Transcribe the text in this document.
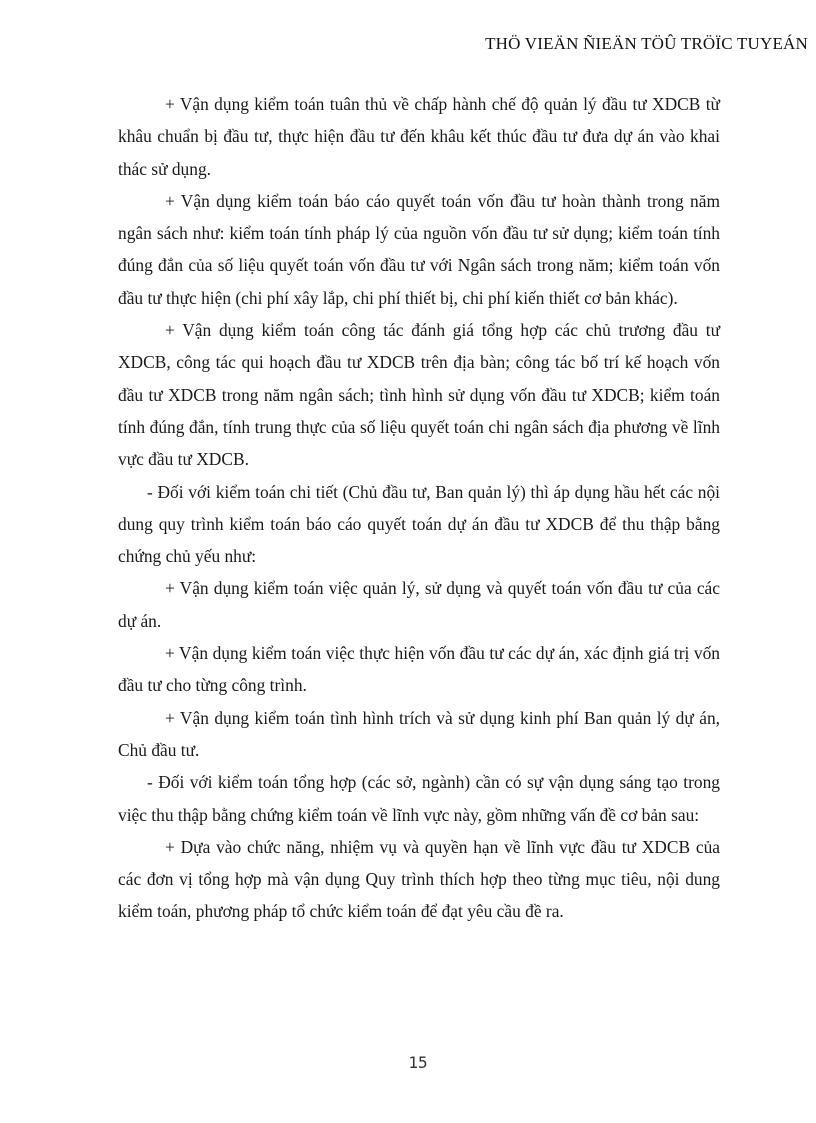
THÖ VIEÄN ÑIEÄN TÖÛ TRÖÏC TUYEÁN

+ Vận dụng kiểm toán tuân thủ về chấp hành chế độ quản lý đầu tư XDCB từ khâu chuẩn bị đầu tư, thực hiện đầu tư đến khâu kết thúc đầu tư đưa dự án vào khai thác sử dụng.

+ Vận dụng kiểm toán báo cáo quyết toán vốn đầu tư hoàn thành trong năm ngân sách như: kiểm toán tính pháp lý của nguồn vốn đầu tư sử dụng; kiểm toán tính đúng đắn của số liệu quyết toán vốn đầu tư với Ngân sách trong năm; kiểm toán vốn đầu tư thực hiện (chi phí xây lắp, chi phí thiết bị, chi phí kiến thiết cơ bản khác).

+ Vận dụng kiểm toán công tác đánh giá tổng hợp các chủ trương đầu tư XDCB, công tác qui hoạch đầu tư XDCB trên địa bàn; công tác bố trí kế hoạch vốn đầu tư XDCB trong năm ngân sách; tình hình sử dụng vốn đầu tư XDCB; kiểm toán tính đúng đắn, tính trung thực của số liệu quyết toán chi ngân sách địa phương về lĩnh vực đầu tư XDCB.

- Đối với kiểm toán chi tiết (Chủ đầu tư, Ban quản lý) thì áp dụng hầu hết các nội dung quy trình kiểm toán báo cáo quyết toán dự án đầu tư XDCB để thu thập bằng chứng chủ yếu như:

+ Vận dụng kiểm toán việc quản lý, sử dụng và quyết toán vốn đầu tư của các dự án.

+ Vận dụng kiểm toán việc thực hiện vốn đầu tư các dự án, xác định giá trị vốn đầu tư cho từng công trình.

+ Vận dụng kiểm toán tình hình trích và sử dụng kinh phí Ban quản lý dự án, Chủ đầu tư.

- Đối với kiểm toán tổng hợp (các sở, ngành) cần có sự vận dụng sáng tạo trong việc thu thập bằng chứng kiểm toán về lĩnh vực này, gồm những vấn đề cơ bản sau:

+ Dựa vào chức năng, nhiệm vụ và quyền hạn về lĩnh vực đầu tư XDCB của các đơn vị tổng hợp mà vận dụng Quy trình thích hợp theo từng mục tiêu, nội dung kiểm toán, phương pháp tổ chức kiểm toán để đạt yêu cầu đề ra.

15
